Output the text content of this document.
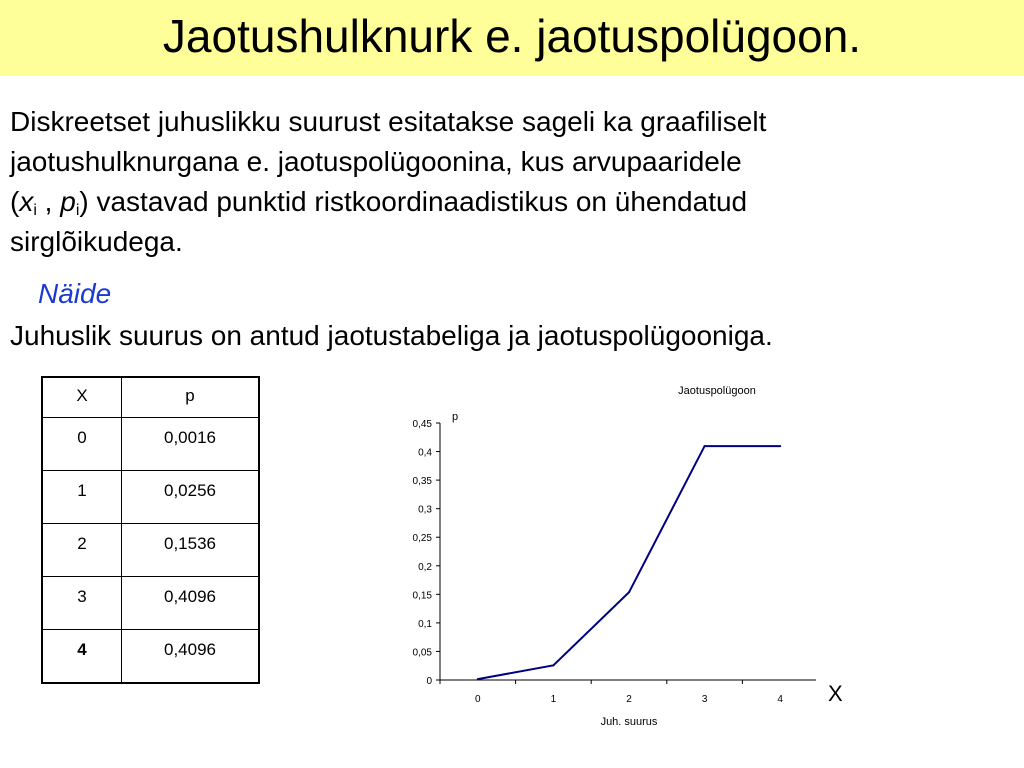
Jaotushulknurk e. jaotuspolügoon.
Diskreetset juhuslikku suurust esitatakse sageli ka graafiliselt
jaotushulknurgana e. jaotuspolügoonina, kus arvupaaridele
($x_i$ , $p_i$) vastavad punktid ristkoordinaadistikus on ühendatud
sirglõikudega.
Näide
Juhuslik suurus on antud jaotustabeliga ja jaotuspolügooniga.
X	p
0	0,0016
1	0,0256
2	0,1536
3	0,4096
4	0,4096
Jaotuspolügoon
p
Juh. suurus
0
0,05
0,1
0,15
0,2
0,25
0,3
0,35
0,4
0,45
0	1	2	3	4 X
